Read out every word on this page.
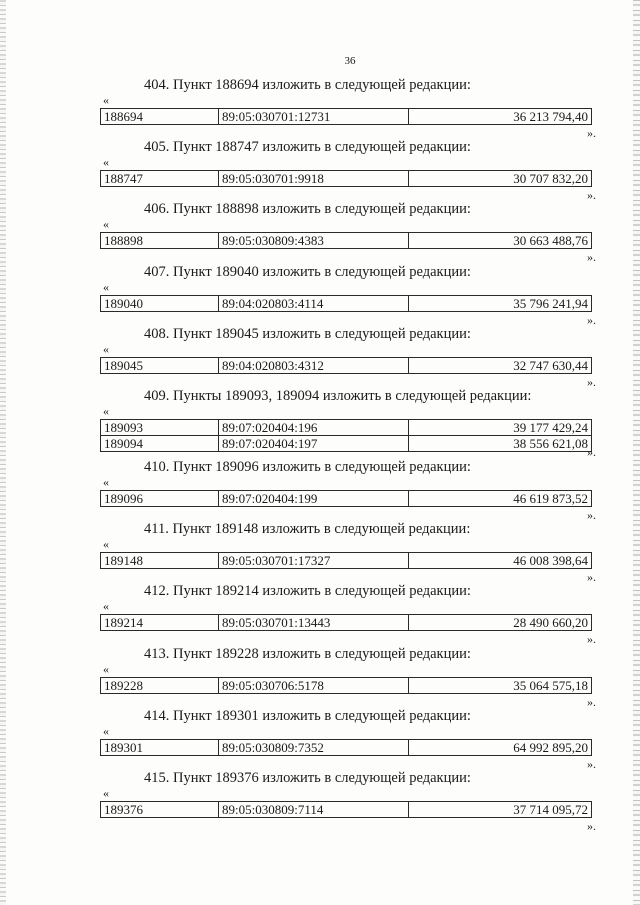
36
404. Пункт 188694 изложить в следующей редакции:
«
188694	89:05:030701:12731	36 213 794,40
».
405. Пункт 188747 изложить в следующей редакции:
«
188747	89:05:030701:9918	30 707 832,20
».
406. Пункт 188898 изложить в следующей редакции:
«
188898	89:05:030809:4383	30 663 488,76
».
407. Пункт 189040 изложить в следующей редакции:
«
189040	89:04:020803:4114	35 796 241,94
».
408. Пункт 189045 изложить в следующей редакции:
«
189045	89:04:020803:4312	32 747 630,44
».
409. Пункты 189093, 189094 изложить в следующей редакции:
«
189093	89:07:020404:196	39 177 429,24
189094	89:07:020404:197	38 556 621,08
».
410. Пункт 189096 изложить в следующей редакции:
«
189096	89:07:020404:199	46 619 873,52
».
411. Пункт 189148 изложить в следующей редакции:
«
189148	89:05:030701:17327	46 008 398,64
».
412. Пункт 189214 изложить в следующей редакции:
«
189214	89:05:030701:13443	28 490 660,20
».
413. Пункт 189228 изложить в следующей редакции:
«
189228	89:05:030706:5178	35 064 575,18
».
414. Пункт 189301 изложить в следующей редакции:
«
189301	89:05:030809:7352	64 992 895,20
».
415. Пункт 189376 изложить в следующей редакции:
«
189376	89:05:030809:7114	37 714 095,72
».
